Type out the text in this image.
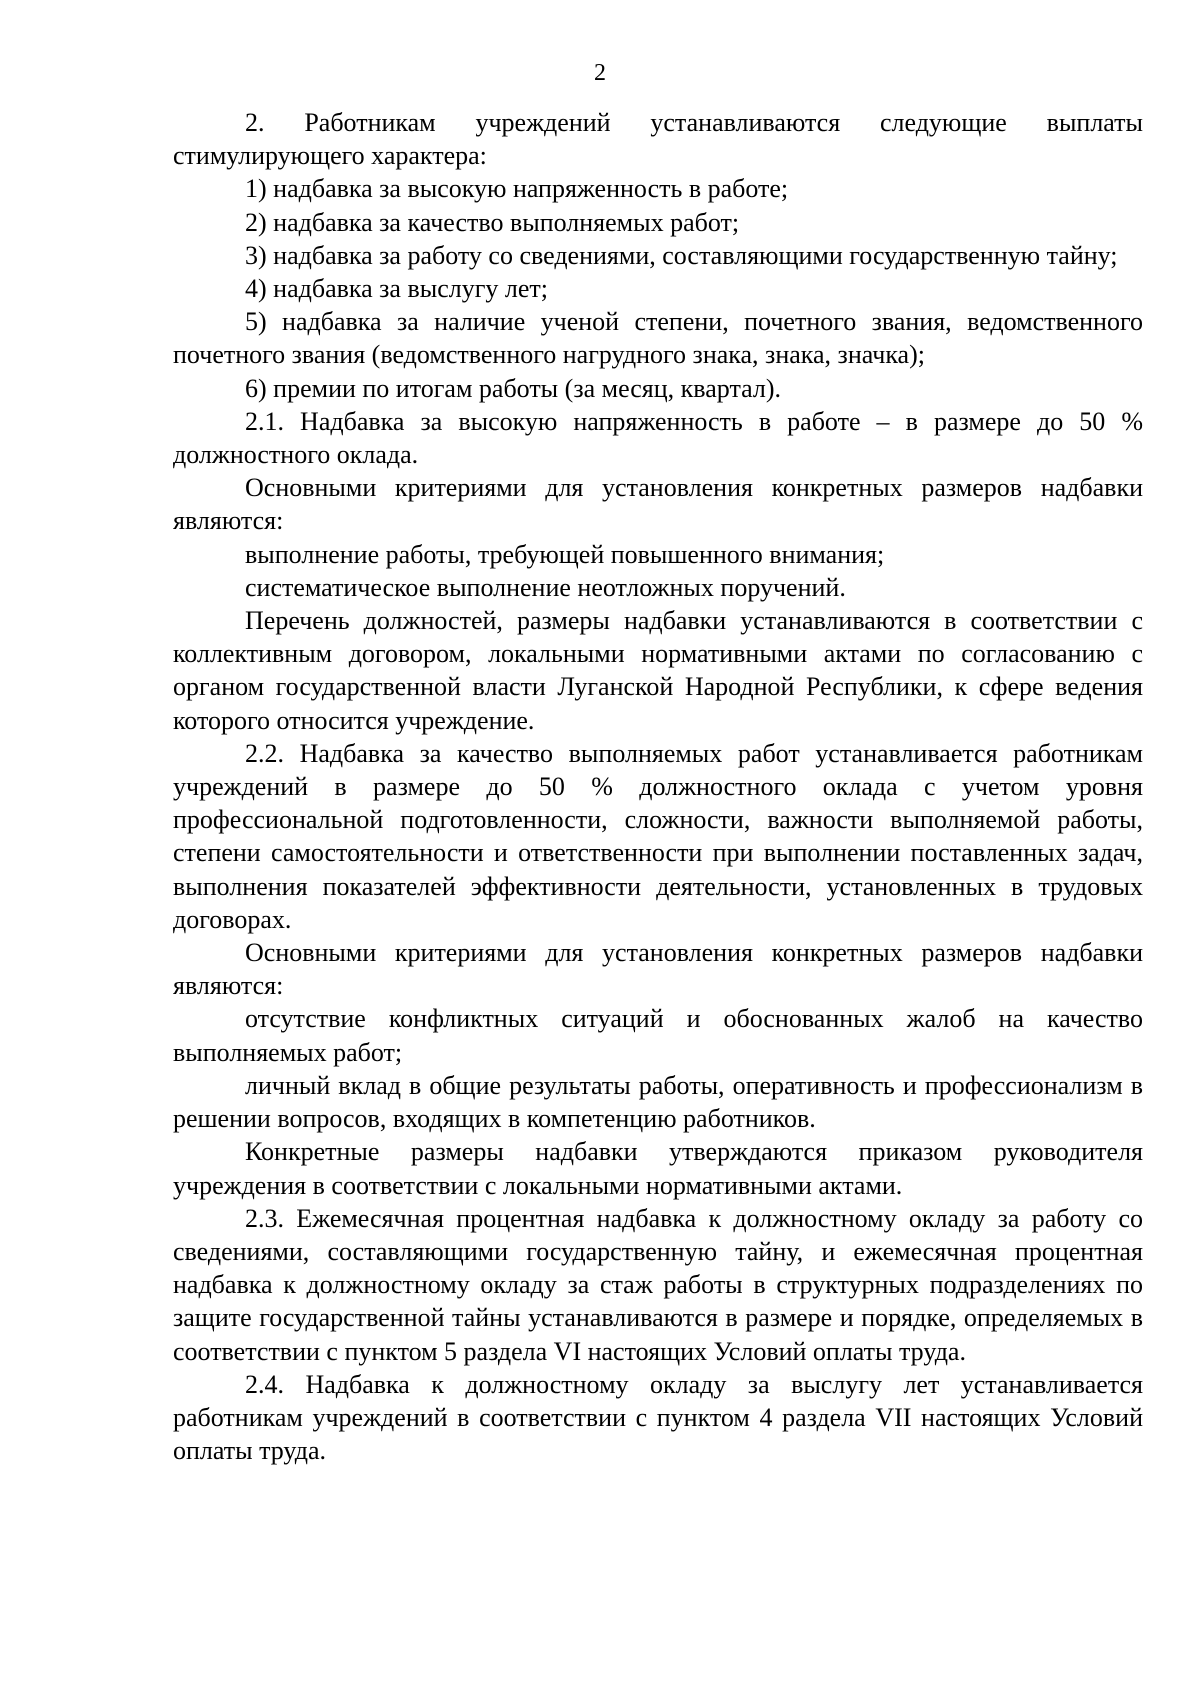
2

2. Работникам учреждений устанавливаются следующие выплаты стимулирующего характера:

1) надбавка за высокую напряженность в работе;

2) надбавка за качество выполняемых работ;

3) надбавка за работу со сведениями, составляющими государственную тайну;

4) надбавка за выслугу лет;

5) надбавка за наличие ученой степени, почетного звания, ведомственного почетного звания (ведомственного нагрудного знака, знака, значка);

6) премии по итогам работы (за месяц, квартал).

2.1. Надбавка за высокую напряженность в работе – в размере до 50 % должностного оклада.

Основными критериями для установления конкретных размеров надбавки являются:

выполнение работы, требующей повышенного внимания;

систематическое выполнение неотложных поручений.

Перечень должностей, размеры надбавки устанавливаются в соответствии с коллективным договором, локальными нормативными актами по согласованию с органом государственной власти Луганской Народной Республики, к сфере ведения которого относится учреждение.

2.2. Надбавка за качество выполняемых работ устанавливается работникам учреждений в размере до 50 % должностного оклада с учетом уровня профессиональной подготовленности, сложности, важности выполняемой работы, степени самостоятельности и ответственности при выполнении поставленных задач, выполнения показателей эффективности деятельности, установленных в трудовых договорах.

Основными критериями для установления конкретных размеров надбавки являются:

отсутствие конфликтных ситуаций и обоснованных жалоб на качество выполняемых работ;

личный вклад в общие результаты работы, оперативность и профессионализм в решении вопросов, входящих в компетенцию работников.

Конкретные размеры надбавки утверждаются приказом руководителя учреждения в соответствии с локальными нормативными актами.

2.3. Ежемесячная процентная надбавка к должностному окладу за работу со сведениями, составляющими государственную тайну, и ежемесячная процентная надбавка к должностному окладу за стаж работы в структурных подразделениях по защите государственной тайны устанавливаются в размере и порядке, определяемых в соответствии с пунктом 5 раздела VI настоящих Условий оплаты труда.

2.4. Надбавка к должностному окладу за выслугу лет устанавливается работникам учреждений в соответствии с пунктом 4 раздела VII настоящих Условий оплаты труда.
